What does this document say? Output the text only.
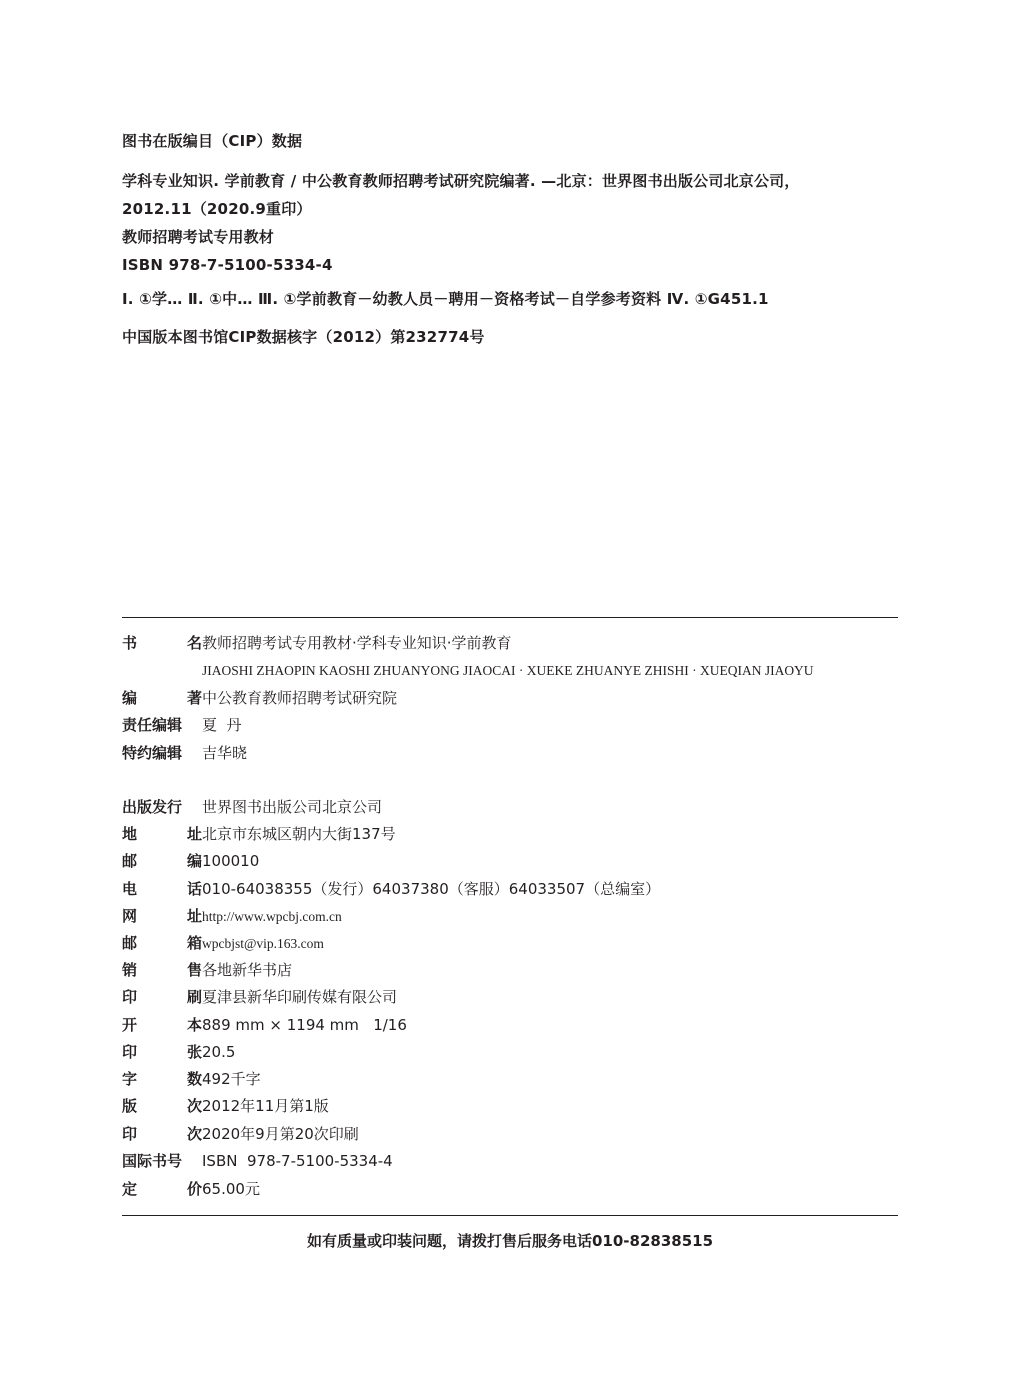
图书在版编目（CIP）数据
学科专业知识. 学前教育 / 中公教育教师招聘考试研究院编著. —北京：世界图书出版公司北京公司，
2012.11（2020.9重印）
教师招聘考试专用教材
ISBN 978-7-5100-5334-4
Ⅰ. ①学… Ⅱ. ①中… Ⅲ. ①学前教育－幼教人员－聘用－资格考试－自学参考资料 Ⅳ. ①G451.1
中国版本图书馆CIP数据核字（2012）第232774号
书	名 教师招聘考试专用教材·学科专业知识·学前教育
JIAOSHI ZHAOPIN KAOSHI ZHUANYONG JIAOCAI · XUEKE ZHUANYE ZHISHI · XUEQIAN JIAOYU
编	著 中公教育教师招聘考试研究院
责任编辑	夏  丹
特约编辑	吉华晓
出版发行	世界图书出版公司北京公司
地	址 北京市东城区朝内大街137号
邮	编 100010
电	话 010-64038355（发行）64037380（客服）64033507（总编室）
网	址 http://www.wpcbj.com.cn
邮	箱 wpcbjst@vip.163.com
销	售 各地新华书店
印	刷 夏津县新华印刷传媒有限公司
开	本 889 mm × 1194 mm   1/16
印	张 20.5
字	数 492千字
版	次 2012年11月第1版
印	次 2020年9月第20次印刷
国际书号	ISBN  978-7-5100-5334-4
定	价 65.00元
如有质量或印装问题，请拨打售后服务电话010-82838515
